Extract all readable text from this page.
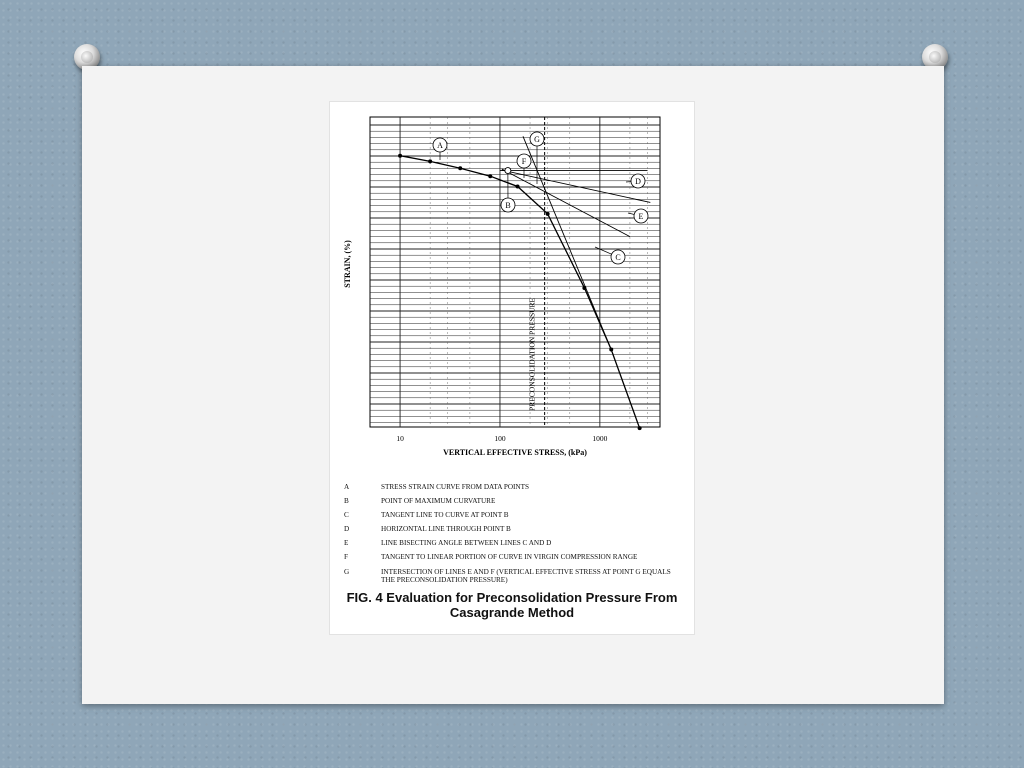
PRECONSOLIDATION PRESSURE
A
B
C
D
E
F
G
10	100	1000
STRAIN, (%)
VERTICAL EFFECTIVE STRESS, (kPa)
A	STRESS STRAIN CURVE FROM DATA POINTS
B	POINT OF MAXIMUM CURVATURE
C	TANGENT LINE TO CURVE AT POINT B
D	HORIZONTAL LINE THROUGH POINT B
E	LINE BISECTING ANGLE BETWEEN LINES C AND D
F	TANGENT TO LINEAR PORTION OF CURVE IN VIRGIN COMPRESSION RANGE
G	INTERSECTION OF LINES E AND F (VERTICAL EFFECTIVE STRESS AT POINT G EQUALS THE PRECONSOLIDATION PRESSURE)
FIG. 4 Evaluation for Preconsolidation Pressure From Casagrande Method
